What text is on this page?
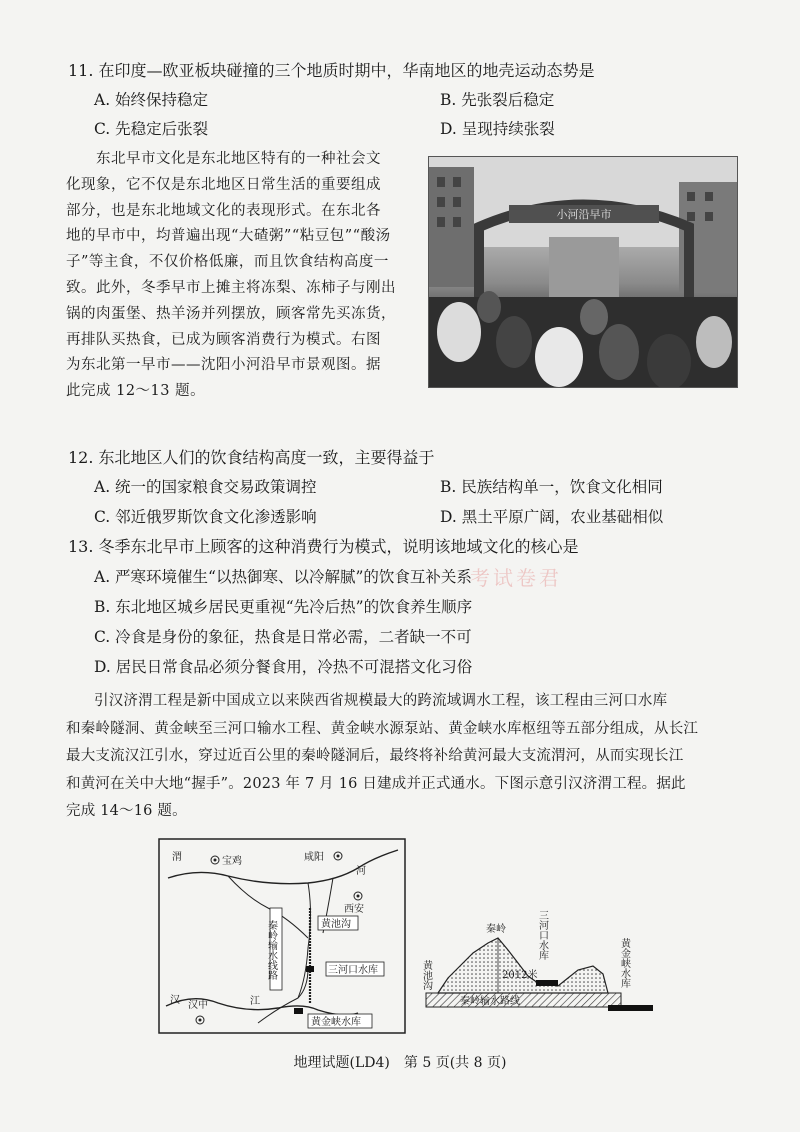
11. 在印度—欧亚板块碰撞的三个地质时期中，华南地区的地壳运动态势是
A. 始终保持稳定	B. 先张裂后稳定
C. 先稳定后张裂	D. 呈现持续张裂
东北早市文化是东北地区特有的一种社会文
化现象，它不仅是东北地区日常生活的重要组成
部分，也是东北地域文化的表现形式。在东北各
地的早市中，均普遍出现“大碴粥”“粘豆包”“酸汤
子”等主食，不仅价格低廉，而且饮食结构高度一
致。此外，冬季早市上摊主将冻梨、冻柿子与刚出
锅的肉蛋堡、热羊汤并列摆放，顾客常先买冻货，
再排队买热食，已成为顾客消费行为模式。右图
为东北第一早市——沈阳小河沿早市景观图。据
此完成 12～13 题。
小河沿早市
12. 东北地区人们的饮食结构高度一致，主要得益于
A. 统一的国家粮食交易政策调控	B. 民族结构单一，饮食文化相同
C. 邻近俄罗斯饮食文化渗透影响	D. 黑土平原广阔，农业基础相似
13. 冬季东北早市上顾客的这种消费行为模式，说明该地域文化的核心是
A. 严寒环境催生“以热御寒、以冷解腻”的饮食互补关系
考试卷君
B. 东北地区城乡居民更重视“先冷后热”的饮食养生顺序
C. 冷食是身份的象征，热食是日常必需，二者缺一不可
D. 居民日常食品必须分餐食用，冷热不可混搭文化习俗
引汉济渭工程是新中国成立以来陕西省规模最大的跨流域调水工程，该工程由三河口水库
和秦岭隧洞、黄金峡至三河口输水工程、黄金峡水源泵站、黄金峡水库枢纽等五部分组成，从长江
最大支流汉江引水，穿过近百公里的秦岭隧洞后，最终将补给黄河最大支流渭河，从而实现长江
和黄河在关中大地“握手”。2023 年 7 月 16 日建成并正式通水。下图示意引汉济渭工程。据此
完成 14～16 题。
渭	宝鸡	咸阳
河
西安
黄池沟
秦岭输水线路	三河口水库
汉	江
汉中
黄金峡水库
黄池沟
秦岭
2012米
三河口水库
黄金峡水库
秦岭输水路线
地理试题(LD4)　第 5 页(共 8 页)
